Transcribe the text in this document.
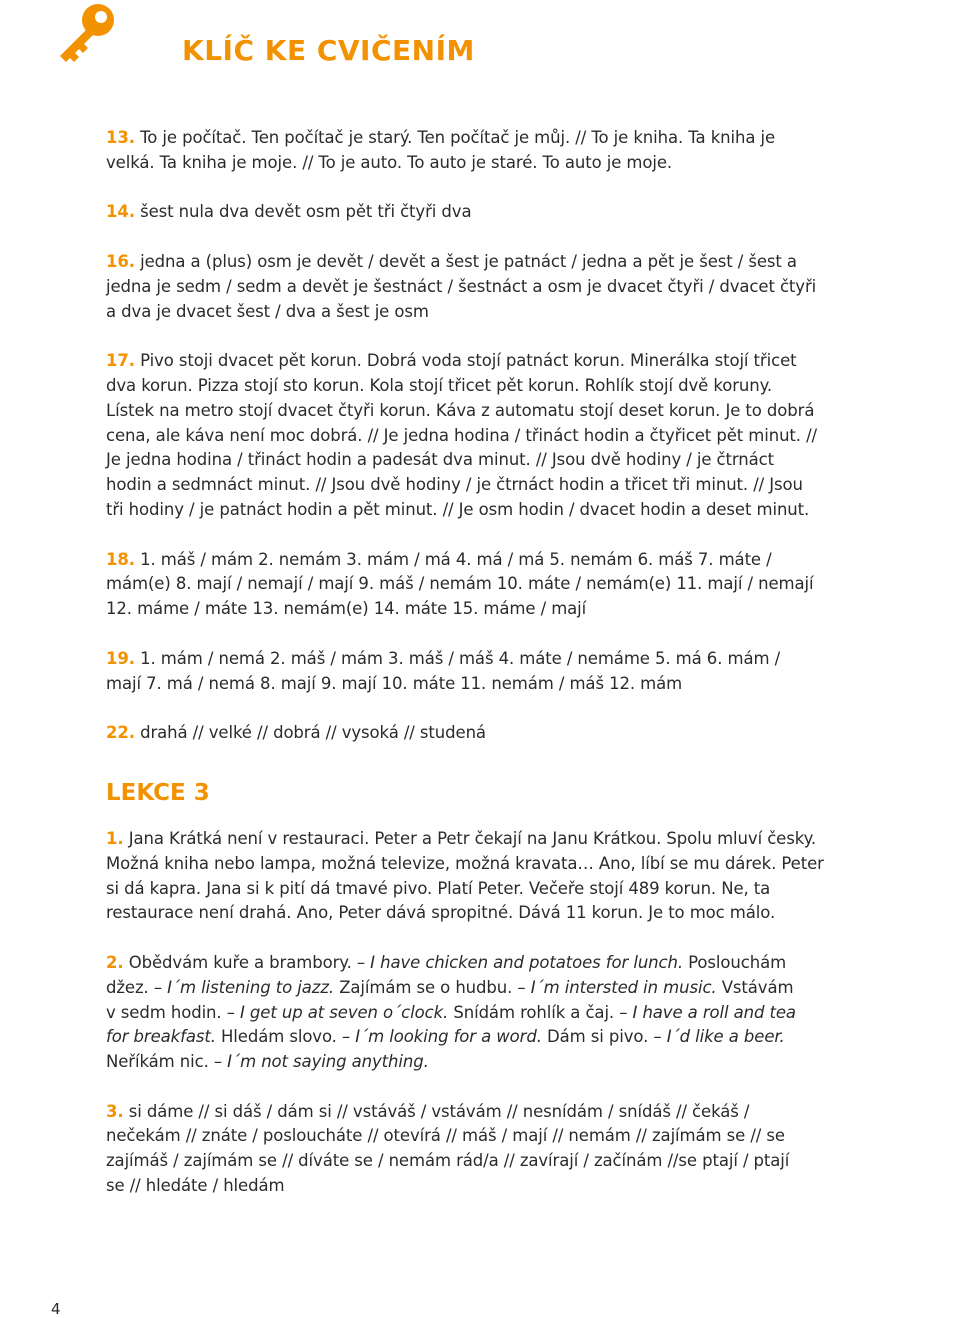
KLÍČ KE CVIČENÍM

13. To je počítač. Ten počítač je starý. Ten počítač je můj. // To je kniha. Ta kniha je
velká. Ta kniha je moje. // To je auto. To auto je staré. To auto je moje.

14. šest nula dva devět osm pět tři čtyři dva

16. jedna a (plus) osm je devět / devět a šest je patnáct / jedna a pět je šest / šest a
jedna je sedm / sedm a devět je šestnáct / šestnáct a osm je dvacet čtyři / dvacet čtyři
a dva je dvacet šest / dva a šest je osm

17. Pivo stoji dvacet pět korun. Dobrá voda stojí patnáct korun. Minerálka stojí třicet
dva korun. Pizza stojí sto korun. Kola stojí třicet pět korun. Rohlík stojí dvě koruny.
Lístek na metro stojí dvacet čtyři korun. Káva z automatu stojí deset korun. Je to dobrá
cena, ale káva není moc dobrá. // Je jedna hodina / třináct hodin a čtyřicet pět minut. //
Je jedna hodina / třináct hodin a padesát dva minut. // Jsou dvě hodiny / je čtrnáct
hodin a sedmnáct minut. // Jsou dvě hodiny / je čtrnáct hodin a třicet tři minut. // Jsou
tři hodiny / je patnáct hodin a pět minut. // Je osm hodin / dvacet hodin a deset minut.

18. 1. máš / mám 2. nemám 3. mám / má 4. má / má 5. nemám 6. máš 7. máte /
mám(e) 8. mají / nemají / mají 9. máš / nemám 10. máte / nemám(e) 11. mají / nemají
12. máme / máte 13. nemám(e) 14. máte 15. máme / mají

19. 1. mám / nemá 2. máš / mám 3. máš / máš 4. máte / nemáme 5. má 6. mám /
mají 7. má / nemá 8. mají 9. mají 10. máte 11. nemám / máš 12. mám

22. drahá // velké // dobrá // vysoká // studená

LEKCE 3

1. Jana Krátká není v restauraci. Peter a Petr čekají na Janu Krátkou. Spolu mluví česky.
Možná kniha nebo lampa, možná televize, možná kravata… Ano, líbí se mu dárek. Peter
si dá kapra. Jana si k pití dá tmavé pivo. Platí Peter. Večeře stojí 489 korun. Ne, ta
restaurace není drahá. Ano, Peter dává spropitné. Dává 11 korun. Je to moc málo.

2. Obědvám kuře a brambory. – I have chicken and potatoes for lunch. Poslouchám
džez. – I´m listening to jazz. Zajímám se o hudbu. – I´m intersted in music. Vstávám
v sedm hodin. – I get up at seven o´clock. Snídám rohlík a čaj. – I have a roll and tea
for breakfast. Hledám slovo. – I´m looking for a word. Dám si pivo. – I´d like a beer.
Neříkám nic. – I´m not saying anything.

3. si dáme // si dáš / dám si // vstáváš / vstávám // nesnídám / snídáš // čekáš /
nečekám // znáte / posloucháte // otevírá // máš / mají // nemám // zajímám se // se
zajímáš / zajímám se // díváte se / nemám rád/a // zavírají / začínám //se ptají / ptají
se // hledáte / hledám

4
